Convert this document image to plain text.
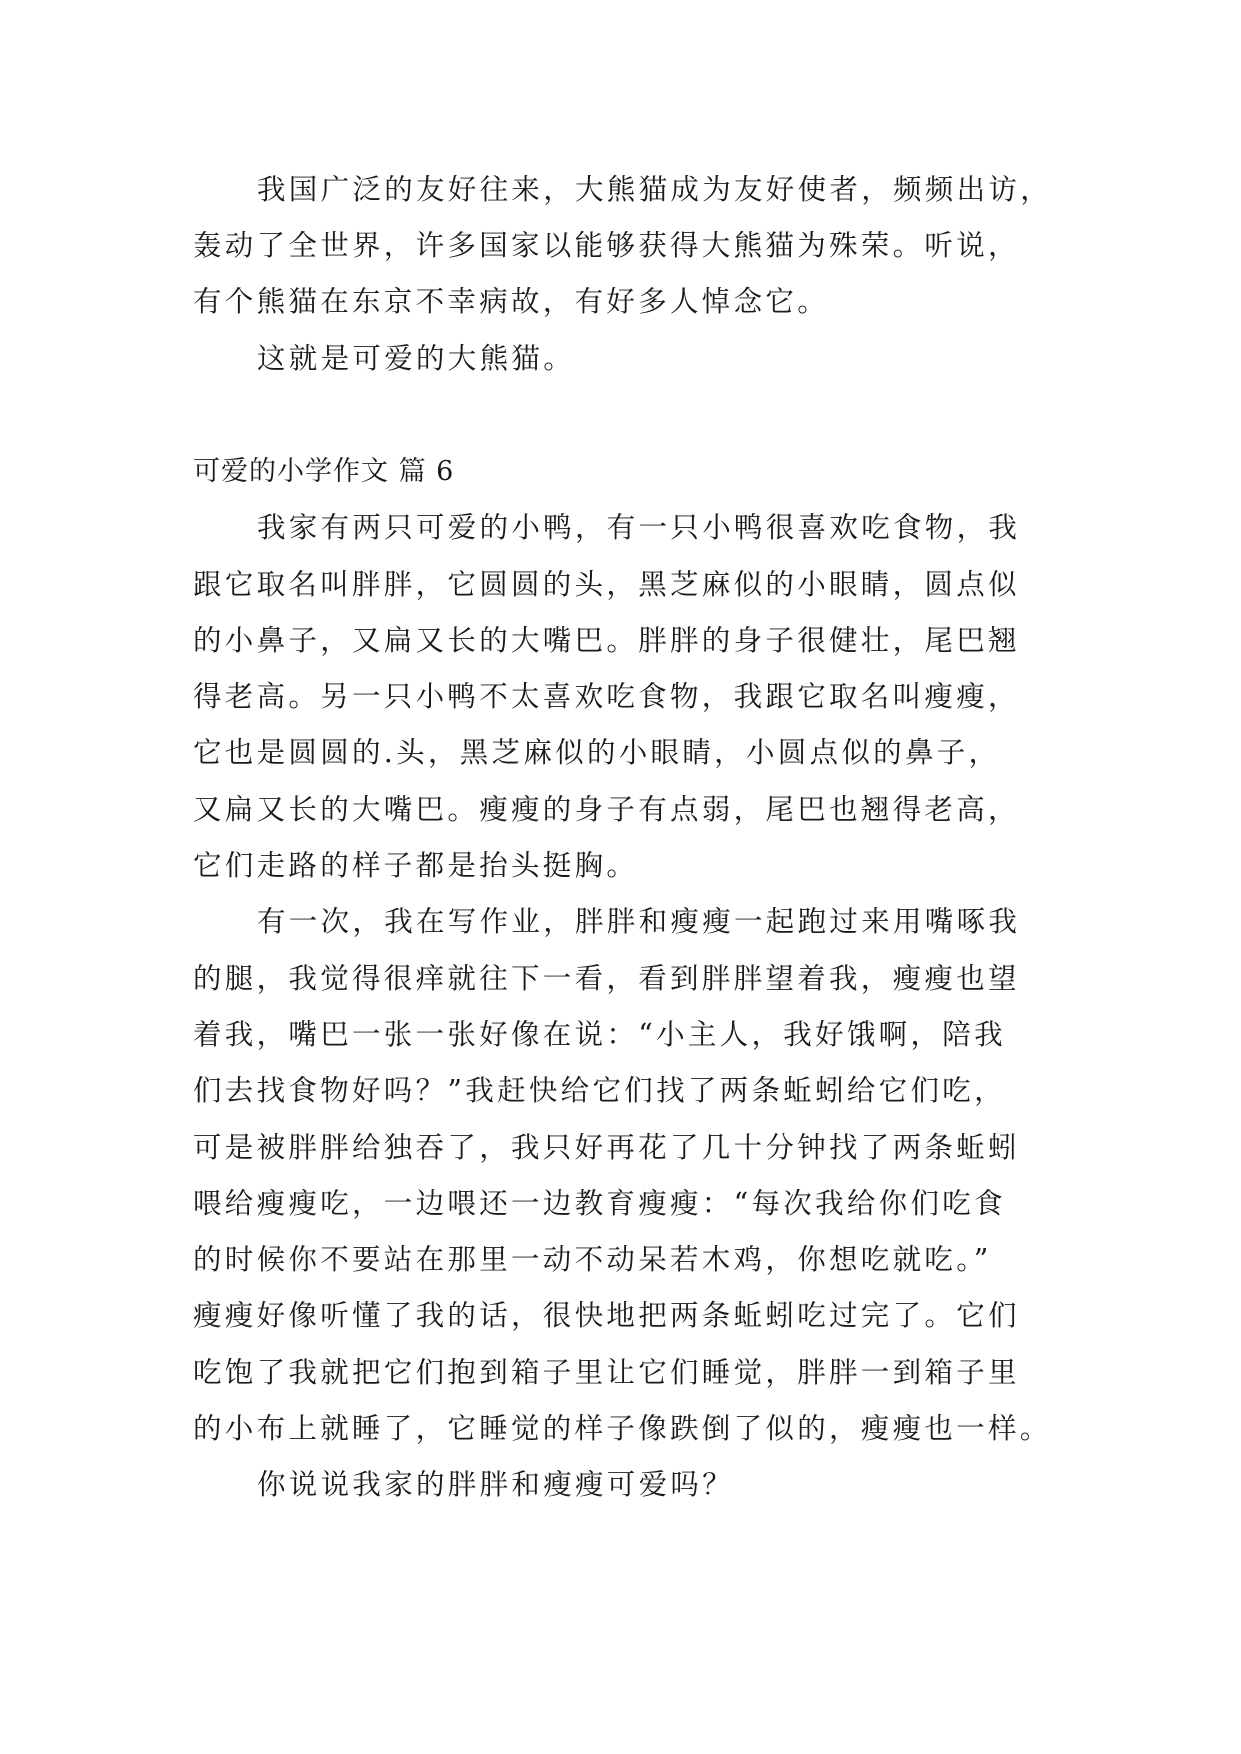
我国广泛的友好往来，大熊猫成为友好使者，频频出访，
轰动了全世界，许多国家以能够获得大熊猫为殊荣。听说，
有个熊猫在东京不幸病故，有好多人悼念它。
这就是可爱的大熊猫。
可爱的小学作文 篇 6
我家有两只可爱的小鸭，有一只小鸭很喜欢吃食物，我
跟它取名叫胖胖，它圆圆的头，黑芝麻似的小眼睛，圆点似
的小鼻子，又扁又长的大嘴巴。胖胖的身子很健壮，尾巴翘
得老高。另一只小鸭不太喜欢吃食物，我跟它取名叫瘦瘦，
它也是圆圆的.头，黑芝麻似的小眼睛，小圆点似的鼻子，
又扁又长的大嘴巴。瘦瘦的身子有点弱，尾巴也翘得老高，
它们走路的样子都是抬头挺胸。
有一次，我在写作业，胖胖和瘦瘦一起跑过来用嘴啄我
的腿，我觉得很痒就往下一看，看到胖胖望着我，瘦瘦也望
着我，嘴巴一张一张好像在说：“小主人，我好饿啊，陪我
们去找食物好吗？”我赶快给它们找了两条蚯蚓给它们吃，
可是被胖胖给独吞了，我只好再花了几十分钟找了两条蚯蚓
喂给瘦瘦吃，一边喂还一边教育瘦瘦：“每次我给你们吃食
的时候你不要站在那里一动不动呆若木鸡，你想吃就吃。”
瘦瘦好像听懂了我的话，很快地把两条蚯蚓吃过完了。它们
吃饱了我就把它们抱到箱子里让它们睡觉，胖胖一到箱子里
的小布上就睡了，它睡觉的样子像跌倒了似的，瘦瘦也一样。
你说说我家的胖胖和瘦瘦可爱吗？
